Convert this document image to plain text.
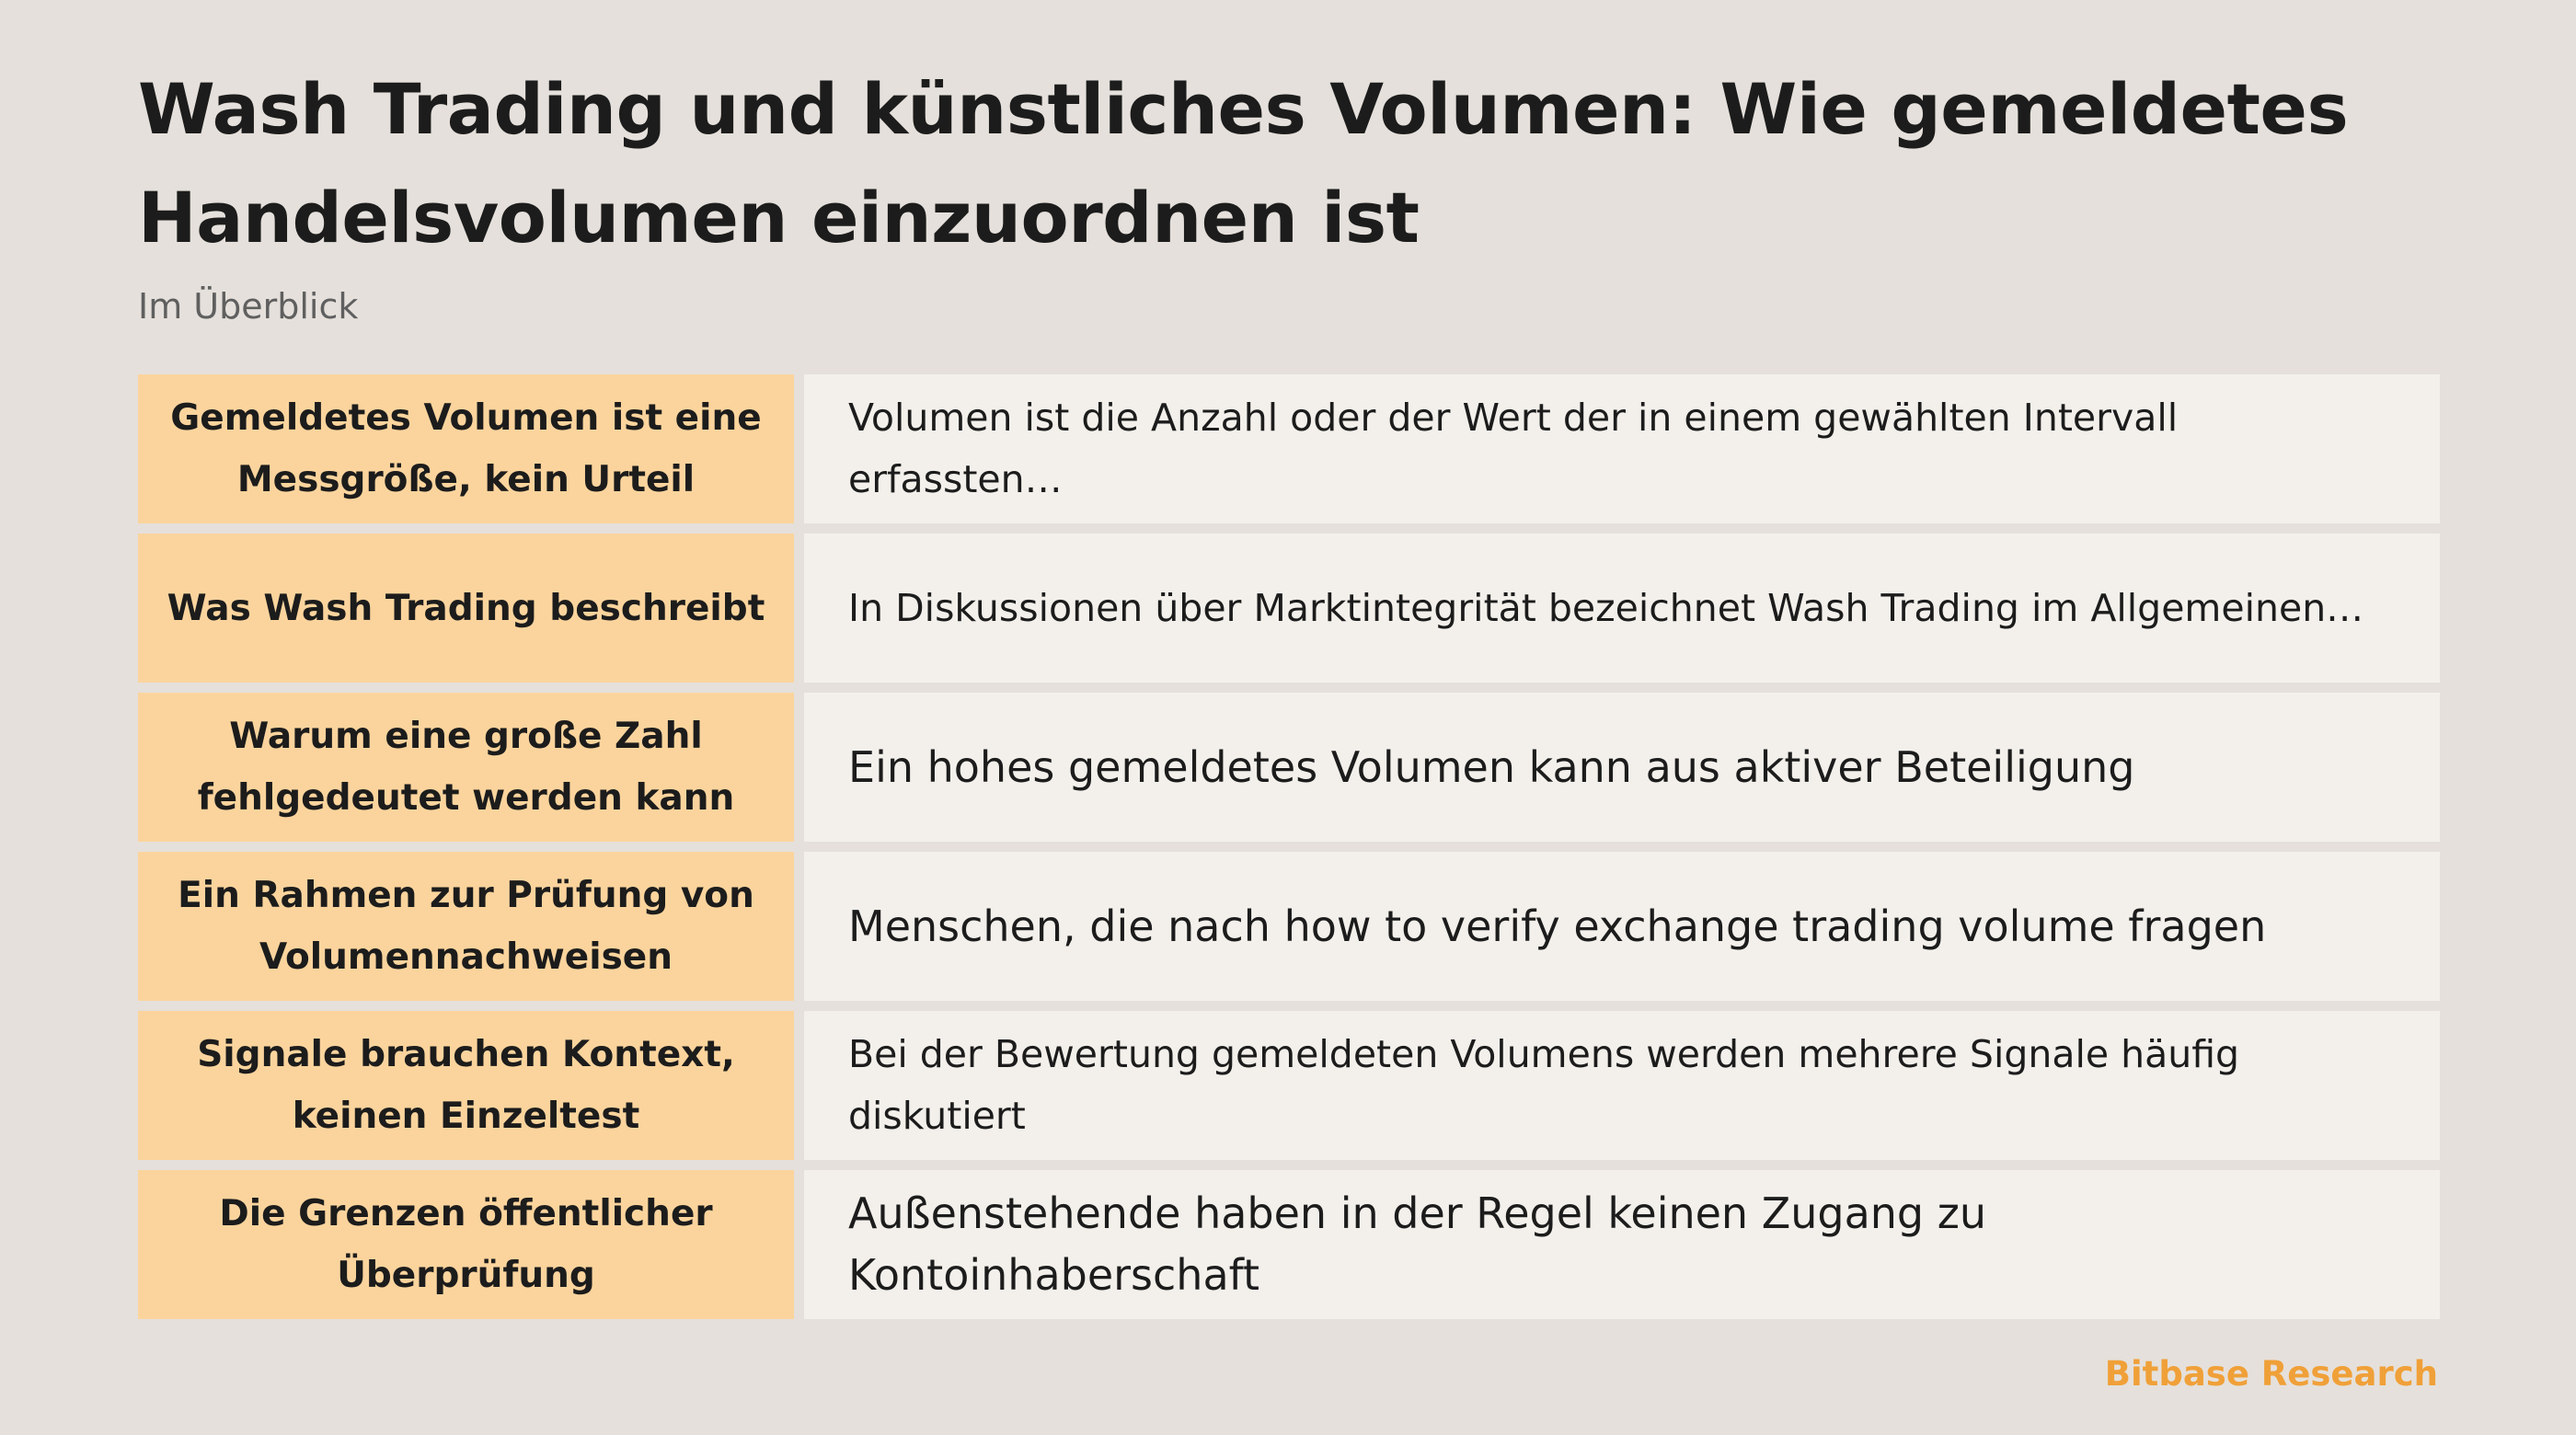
Wash Trading und künstliches Volumen: Wie gemeldetes Handelsvolumen einzuordnen ist

Im Überblick

Gemeldetes Volumen ist eine Messgröße, kein Urteil
Volumen ist die Anzahl oder der Wert der in einem gewählten Intervall erfassten…
Was Wash Trading beschreibt In Diskussionen über Marktintegrität bezeichnet Wash Trading im Allgemeinen…
Warum eine große Zahl fehlgedeutet werden kann
Ein hohes gemeldetes Volumen kann aus aktiver Beteiligung
Ein Rahmen zur Prüfung von Volumennachweisen
Menschen, die nach how to verify exchange trading volume fragen
Signale brauchen Kontext, keinen Einzeltest
Bei der Bewertung gemeldeten Volumens werden mehrere Signale häufig diskutiert
Die Grenzen öffentlicher Überprüfung
Außenstehende haben in der Regel keinen Zugang zu Kontoinhaberschaft
Bitbase Research
